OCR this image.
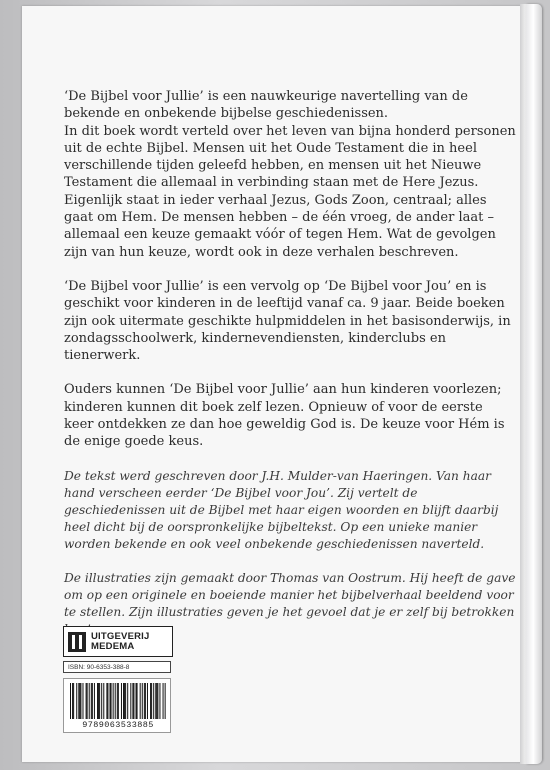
‘De Bijbel voor Jullie’ is een nauwkeurige navertelling van de bekende en onbekende bijbelse geschiedenissen.

In dit boek wordt verteld over het leven van bijna honderd personen uit de echte Bijbel. Mensen uit het Oude Testament die in heel verschillende tijden geleefd hebben, en mensen uit het Nieuwe Testament die allemaal in verbinding staan met de Here Jezus.

Eigenlijk staat in ieder verhaal Jezus, Gods Zoon, centraal; alles gaat om Hem. De mensen hebben – de één vroeg, de ander laat – allemaal een keuze gemaakt vóór of tegen Hem. Wat de gevolgen zijn van hun keuze, wordt ook in deze verhalen beschreven.

‘De Bijbel voor Jullie’ is een vervolg op ‘De Bijbel voor Jou’ en is geschikt voor kinderen in de leeftijd vanaf ca. 9 jaar. Beide boeken zijn ook uitermate geschikte hulpmiddelen in het basisonderwijs, in zondagsschoolwerk, kindernevendiensten, kinderclubs en tienerwerk.

Ouders kunnen ‘De Bijbel voor Jullie’ aan hun kinderen voorlezen; kinderen kunnen dit boek zelf lezen. Opnieuw of voor de eerste keer ontdekken ze dan hoe geweldig God is. De keuze voor Hém is de enige goede keus.

De tekst werd geschreven door J.H. Mulder-van Haeringen. Van haar hand verscheen eerder ‘De Bijbel voor Jou’. Zij vertelt de geschiedenissen uit de Bijbel met haar eigen woorden en blijft daarbij heel dicht bij de oorspronkelijke bijbeltekst. Op een unieke manier worden bekende en ook veel onbekende geschiedenissen naverteld.

De illustraties zijn gemaakt door Thomas van Oostrum. Hij heeft de gave om op een originele en boeiende manier het bijbelverhaal beeldend voor te stellen. Zijn illustraties geven je het gevoel dat je er zelf bij betrokken

UITGEVERIJ
MEDEMA
ISBN: 90-6353-388-8
9789063533885
